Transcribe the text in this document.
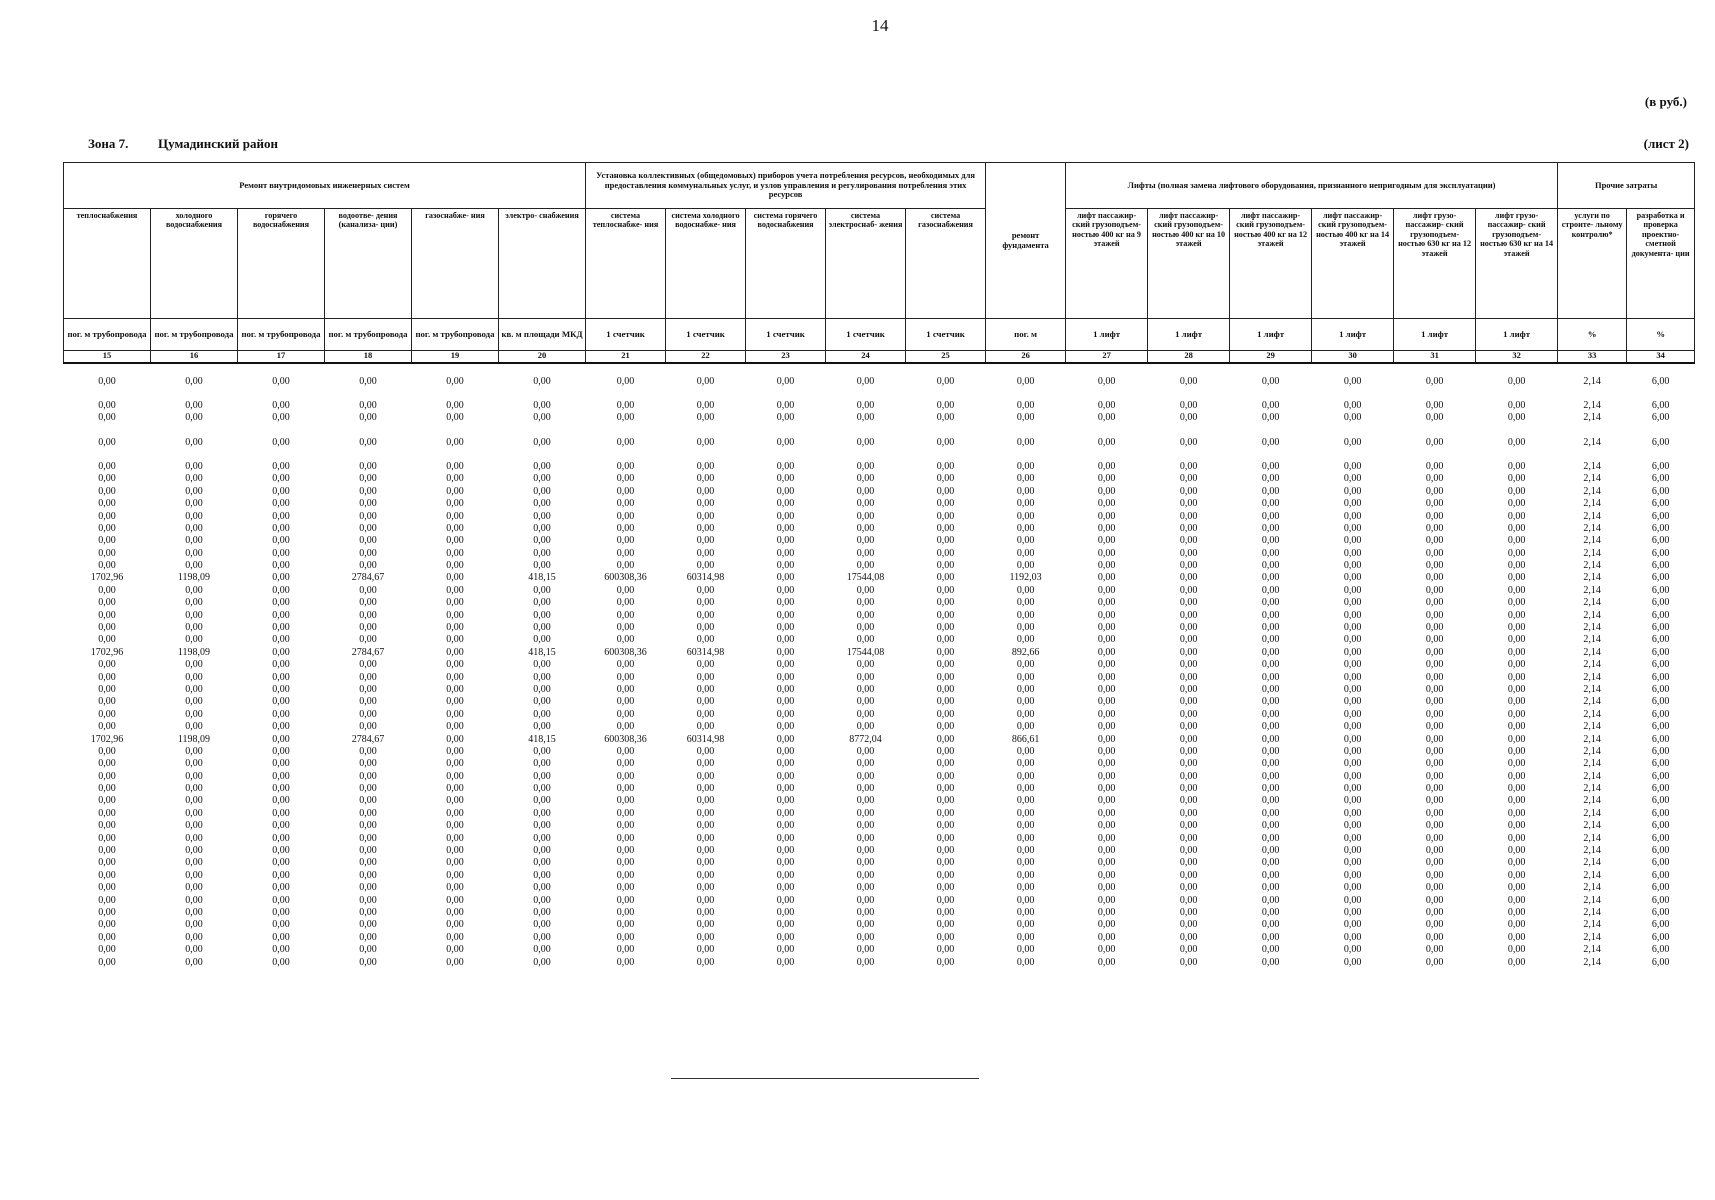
14
(в руб.)
Зона 7. Цумадинский район	(лист 2)
Ремонт внутридомовых инженерных систем						Установка коллективных (общедомовых) приборов учета потребления ресурсов, необходимых для предоставления коммунальных услуг, и узлов управления и регулирования потребления этих ресурсов					ремонт фундамента	Лифты (полная замена лифтового оборудования, признанного непригодным для эксплуатации)						Прочие затраты	
теплоснабжения	холодного водоснабжения	горячего водоснабжения	водоотве- дения (канализа- ции)	газоснабже- ния	электро- снабжения	система теплоснабже- ния	система холодного водоснабже- ния	система горячего водоснабжения	система электроснаб- жения	система газоснабжения		лифт пассажир- ский грузоподъем- ностью 400 кг на 9 этажей	лифт пассажир- ский грузоподъем- ностью 400 кг на 10 этажей	лифт пассажир- ский грузоподъем- ностью 400 кг на 12 этажей	лифт пассажир- ский грузоподъем- ностью 400 кг на 14 этажей	лифт грузо- пассажир- ский грузоподъем- ностью 630 кг на 12 этажей	лифт грузо- пассажир- ский грузоподъем- ностью 630 кг на 14 этажей	услуги по строите- льному контролю*	разработка и проверка проектно- сметной документа- ции
пог. м трубопровода	пог. м трубопровода	пог. м трубопровода	пог. м трубопровода	пог. м трубопровода	кв. м площади МКД	1 счетчик	1 счетчик	1 счетчик	1 счетчик	1 счетчик	пог. м	1 лифт	1 лифт	1 лифт	1 лифт	1 лифт	1 лифт	%	%
15	16	17	18	19	20	21	22	23	24	25	26	27	28	29	30	31	32	33	34
0,00	0,00	0,00	0,00	0,00	0,00	0,00	0,00	0,00	0,00	0,00	0,00	0,00	0,00	0,00	0,00	0,00	0,00	2,14	6,00
0,00	0,00	0,00	0,00	0,00	0,00	0,00	0,00	0,00	0,00	0,00	0,00	0,00	0,00	0,00	0,00	0,00	0,00	2,14	6,00
0,00	0,00	0,00	0,00	0,00	0,00	0,00	0,00	0,00	0,00	0,00	0,00	0,00	0,00	0,00	0,00	0,00	0,00	2,14	6,00
0,00	0,00	0,00	0,00	0,00	0,00	0,00	0,00	0,00	0,00	0,00	0,00	0,00	0,00	0,00	0,00	0,00	0,00	2,14	6,00
0,00	0,00	0,00	0,00	0,00	0,00	0,00	0,00	0,00	0,00	0,00	0,00	0,00	0,00	0,00	0,00	0,00	0,00	2,14	6,00
0,00	0,00	0,00	0,00	0,00	0,00	0,00	0,00	0,00	0,00	0,00	0,00	0,00	0,00	0,00	0,00	0,00	0,00	2,14	6,00
0,00	0,00	0,00	0,00	0,00	0,00	0,00	0,00	0,00	0,00	0,00	0,00	0,00	0,00	0,00	0,00	0,00	0,00	2,14	6,00
0,00	0,00	0,00	0,00	0,00	0,00	0,00	0,00	0,00	0,00	0,00	0,00	0,00	0,00	0,00	0,00	0,00	0,00	2,14	6,00
0,00	0,00	0,00	0,00	0,00	0,00	0,00	0,00	0,00	0,00	0,00	0,00	0,00	0,00	0,00	0,00	0,00	0,00	2,14	6,00
0,00	0,00	0,00	0,00	0,00	0,00	0,00	0,00	0,00	0,00	0,00	0,00	0,00	0,00	0,00	0,00	0,00	0,00	2,14	6,00
0,00	0,00	0,00	0,00	0,00	0,00	0,00	0,00	0,00	0,00	0,00	0,00	0,00	0,00	0,00	0,00	0,00	0,00	2,14	6,00
0,00	0,00	0,00	0,00	0,00	0,00	0,00	0,00	0,00	0,00	0,00	0,00	0,00	0,00	0,00	0,00	0,00	0,00	2,14	6,00
0,00	0,00	0,00	0,00	0,00	0,00	0,00	0,00	0,00	0,00	0,00	0,00	0,00	0,00	0,00	0,00	0,00	0,00	2,14	6,00
1702,96	1198,09	0,00	2784,67	0,00	418,15	600308,36	60314,98	0,00	17544,08	0,00	1192,03	0,00	0,00	0,00	0,00	0,00	0,00	2,14	6,00
0,00	0,00	0,00	0,00	0,00	0,00	0,00	0,00	0,00	0,00	0,00	0,00	0,00	0,00	0,00	0,00	0,00	0,00	2,14	6,00
0,00	0,00	0,00	0,00	0,00	0,00	0,00	0,00	0,00	0,00	0,00	0,00	0,00	0,00	0,00	0,00	0,00	0,00	2,14	6,00
0,00	0,00	0,00	0,00	0,00	0,00	0,00	0,00	0,00	0,00	0,00	0,00	0,00	0,00	0,00	0,00	0,00	0,00	2,14	6,00
0,00	0,00	0,00	0,00	0,00	0,00	0,00	0,00	0,00	0,00	0,00	0,00	0,00	0,00	0,00	0,00	0,00	0,00	2,14	6,00
0,00	0,00	0,00	0,00	0,00	0,00	0,00	0,00	0,00	0,00	0,00	0,00	0,00	0,00	0,00	0,00	0,00	0,00	2,14	6,00
1702,96	1198,09	0,00	2784,67	0,00	418,15	600308,36	60314,98	0,00	17544,08	0,00	892,66	0,00	0,00	0,00	0,00	0,00	0,00	2,14	6,00
0,00	0,00	0,00	0,00	0,00	0,00	0,00	0,00	0,00	0,00	0,00	0,00	0,00	0,00	0,00	0,00	0,00	0,00	2,14	6,00
0,00	0,00	0,00	0,00	0,00	0,00	0,00	0,00	0,00	0,00	0,00	0,00	0,00	0,00	0,00	0,00	0,00	0,00	2,14	6,00
0,00	0,00	0,00	0,00	0,00	0,00	0,00	0,00	0,00	0,00	0,00	0,00	0,00	0,00	0,00	0,00	0,00	0,00	2,14	6,00
0,00	0,00	0,00	0,00	0,00	0,00	0,00	0,00	0,00	0,00	0,00	0,00	0,00	0,00	0,00	0,00	0,00	0,00	2,14	6,00
0,00	0,00	0,00	0,00	0,00	0,00	0,00	0,00	0,00	0,00	0,00	0,00	0,00	0,00	0,00	0,00	0,00	0,00	2,14	6,00
0,00	0,00	0,00	0,00	0,00	0,00	0,00	0,00	0,00	0,00	0,00	0,00	0,00	0,00	0,00	0,00	0,00	0,00	2,14	6,00
1702,96	1198,09	0,00	2784,67	0,00	418,15	600308,36	60314,98	0,00	8772,04	0,00	866,61	0,00	0,00	0,00	0,00	0,00	0,00	2,14	6,00
0,00	0,00	0,00	0,00	0,00	0,00	0,00	0,00	0,00	0,00	0,00	0,00	0,00	0,00	0,00	0,00	0,00	0,00	2,14	6,00
0,00	0,00	0,00	0,00	0,00	0,00	0,00	0,00	0,00	0,00	0,00	0,00	0,00	0,00	0,00	0,00	0,00	0,00	2,14	6,00
0,00	0,00	0,00	0,00	0,00	0,00	0,00	0,00	0,00	0,00	0,00	0,00	0,00	0,00	0,00	0,00	0,00	0,00	2,14	6,00
0,00	0,00	0,00	0,00	0,00	0,00	0,00	0,00	0,00	0,00	0,00	0,00	0,00	0,00	0,00	0,00	0,00	0,00	2,14	6,00
0,00	0,00	0,00	0,00	0,00	0,00	0,00	0,00	0,00	0,00	0,00	0,00	0,00	0,00	0,00	0,00	0,00	0,00	2,14	6,00
0,00	0,00	0,00	0,00	0,00	0,00	0,00	0,00	0,00	0,00	0,00	0,00	0,00	0,00	0,00	0,00	0,00	0,00	2,14	6,00
0,00	0,00	0,00	0,00	0,00	0,00	0,00	0,00	0,00	0,00	0,00	0,00	0,00	0,00	0,00	0,00	0,00	0,00	2,14	6,00
0,00	0,00	0,00	0,00	0,00	0,00	0,00	0,00	0,00	0,00	0,00	0,00	0,00	0,00	0,00	0,00	0,00	0,00	2,14	6,00
0,00	0,00	0,00	0,00	0,00	0,00	0,00	0,00	0,00	0,00	0,00	0,00	0,00	0,00	0,00	0,00	0,00	0,00	2,14	6,00
0,00	0,00	0,00	0,00	0,00	0,00	0,00	0,00	0,00	0,00	0,00	0,00	0,00	0,00	0,00	0,00	0,00	0,00	2,14	6,00
0,00	0,00	0,00	0,00	0,00	0,00	0,00	0,00	0,00	0,00	0,00	0,00	0,00	0,00	0,00	0,00	0,00	0,00	2,14	6,00
0,00	0,00	0,00	0,00	0,00	0,00	0,00	0,00	0,00	0,00	0,00	0,00	0,00	0,00	0,00	0,00	0,00	0,00	2,14	6,00
0,00	0,00	0,00	0,00	0,00	0,00	0,00	0,00	0,00	0,00	0,00	0,00	0,00	0,00	0,00	0,00	0,00	0,00	2,14	6,00
0,00	0,00	0,00	0,00	0,00	0,00	0,00	0,00	0,00	0,00	0,00	0,00	0,00	0,00	0,00	0,00	0,00	0,00	2,14	6,00
0,00	0,00	0,00	0,00	0,00	0,00	0,00	0,00	0,00	0,00	0,00	0,00	0,00	0,00	0,00	0,00	0,00	0,00	2,14	6,00
0,00	0,00	0,00	0,00	0,00	0,00	0,00	0,00	0,00	0,00	0,00	0,00	0,00	0,00	0,00	0,00	0,00	0,00	2,14	6,00
0,00	0,00	0,00	0,00	0,00	0,00	0,00	0,00	0,00	0,00	0,00	0,00	0,00	0,00	0,00	0,00	0,00	0,00	2,14	6,00
0,00	0,00	0,00	0,00	0,00	0,00	0,00	0,00	0,00	0,00	0,00	0,00	0,00	0,00	0,00	0,00	0,00	0,00	2,14	6,00
